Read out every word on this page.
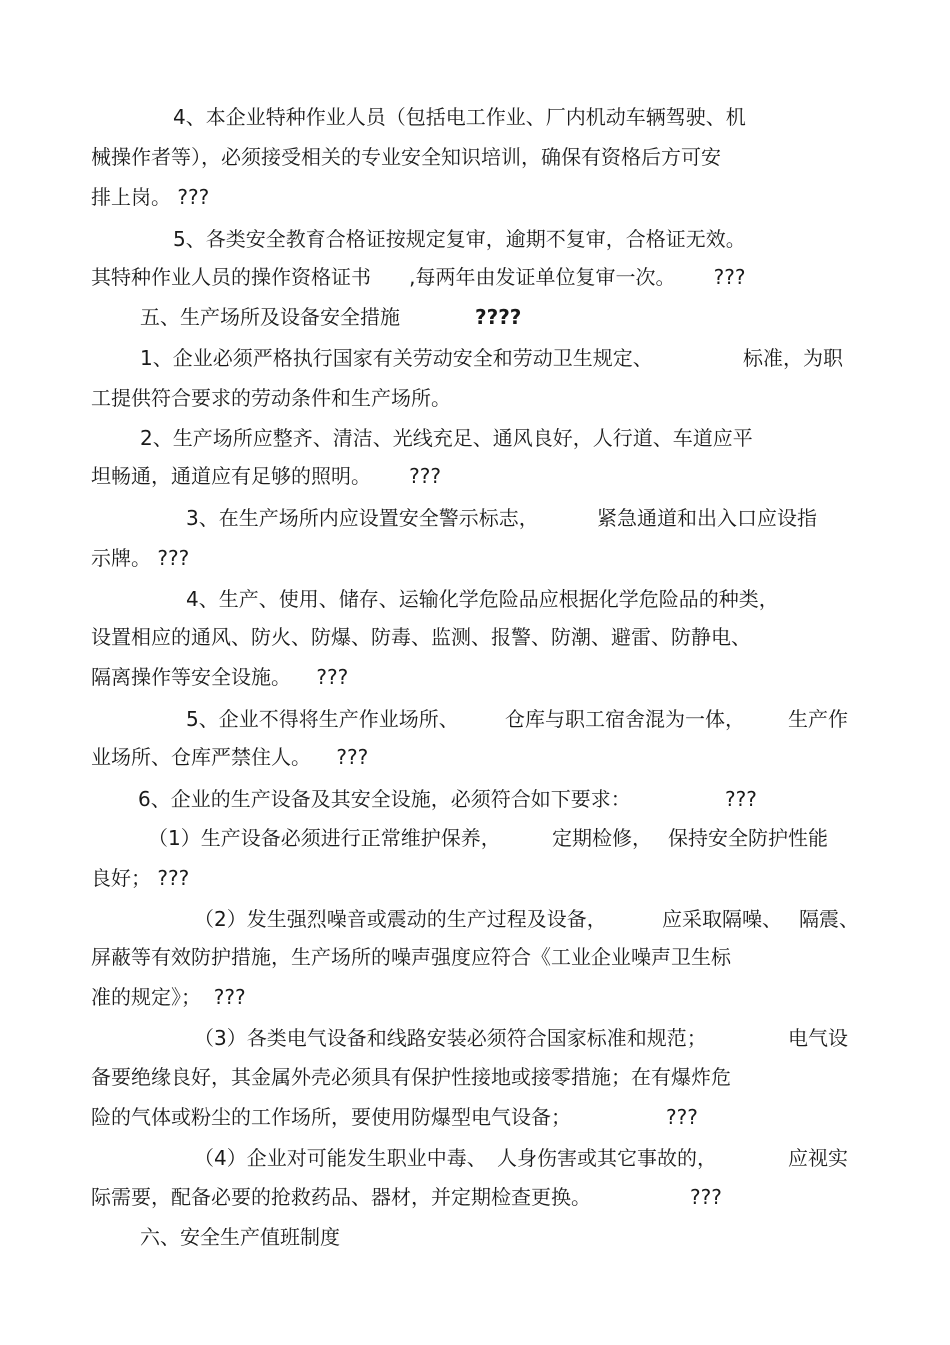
4、本企业特种作业人员（包括电工作业、厂内机动车辆驾驶、机
械操作者等），必须接受相关的专业安全知识培训，确保有资格后方可安
排上岗。 ???
5、各类安全教育合格证按规定复审，逾期不复审，合格证无效。
其特种作业人员的操作资格证书      ,每两年由发证单位复审一次。      ???
五、生产场所及设备安全措施	????
1、企业必须严格执行国家有关劳动安全和劳动卫生规定、	标准，为职
工提供符合要求的劳动条件和生产场所。
2、生产场所应整齐、清洁、光线充足、通风良好，人行道、车道应平
坦畅通，通道应有足够的照明。      ???
3、在生产场所内应设置安全警示标志，	紧急通道和出入口应设指
示牌。 ???
4、生产、使用、储存、运输化学危险品应根据化学危险品的种类，
设置相应的通风、防火、防爆、防毒、监测、报警、防潮、避雷、防静电、
隔离操作等安全设施。    ???
5、企业不得将生产作业场所、 仓库与职工宿舍混为一体， 生产作
业场所、仓库严禁住人。    ???
6、企业的生产设备及其安全设施，必须符合如下要求：	???
（1）生产设备必须进行正常维护保养，	定期检修， 保持安全防护性能
良好； ???
（2）发生强烈噪音或震动的生产过程及设备，	应采取隔噪、 隔震、
屏蔽等有效防护措施，生产场所的噪声强度应符合《工业企业噪声卫生标
准的规定》；  ???
（3）各类电气设备和线路安装必须符合国家标准和规范；	电气设
备要绝缘良好，其金属外壳必须具有保护性接地或接零措施；在有爆炸危
险的气体或粉尘的工作场所，要使用防爆型电气设备；	???
（4）企业对可能发生职业中毒、 人身伤害或其它事故的，	应视实
际需要，配备必要的抢救药品、器材，并定期检查更换。	???
六、安全生产值班制度
